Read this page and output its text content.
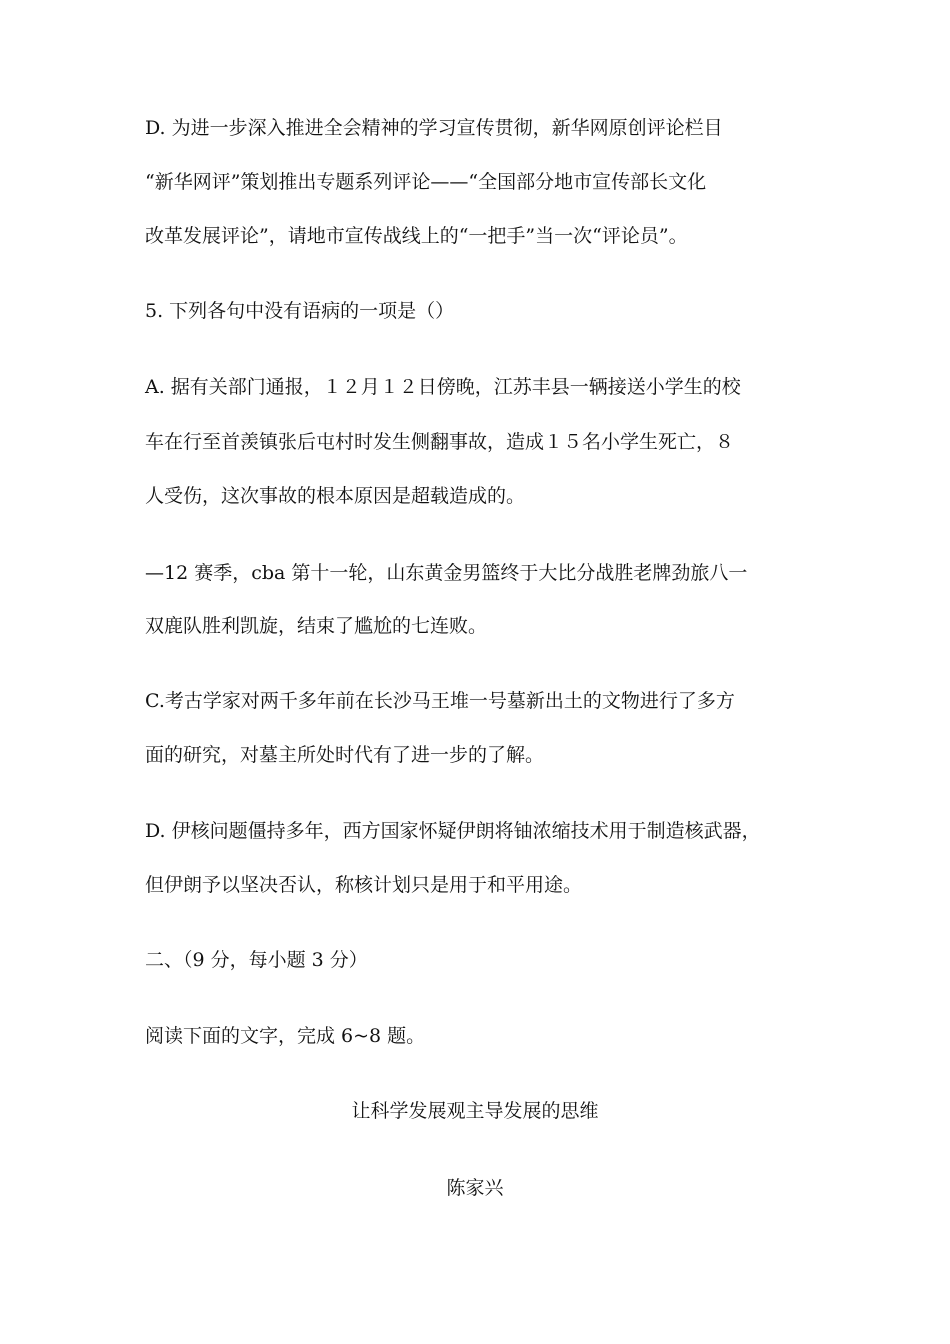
D. 为进一步深入推进全会精神的学习宣传贯彻，新华网原创评论栏目
“新华网评”策划推出专题系列评论——“全国部分地市宣传部长文化
改革发展评论”，请地市宣传战线上的“一把手”当一次“评论员”。
5. 下列各句中没有语病的一项是（）
A. 据有关部门通报，１２月１２日傍晚，江苏丰县一辆接送小学生的校
车在行至首羡镇张后屯村时发生侧翻事故，造成１５名小学生死亡，８
人受伤，这次事故的根本原因是超载造成的。
—12 赛季，cba 第十一轮，山东黄金男篮终于大比分战胜老牌劲旅八一
双鹿队胜利凯旋，结束了尴尬的七连败。
C.考古学家对两千多年前在长沙马王堆一号墓新出土的文物进行了多方
面的研究，对墓主所处时代有了进一步的了解。
D. 伊核问题僵持多年，西方国家怀疑伊朗将铀浓缩技术用于制造核武器，
但伊朗予以坚决否认，称核计划只是用于和平用途。
二、（9 分，每小题 3 分）
阅读下面的文字，完成 6~8 题。
让科学发展观主导发展的思维
陈家兴
